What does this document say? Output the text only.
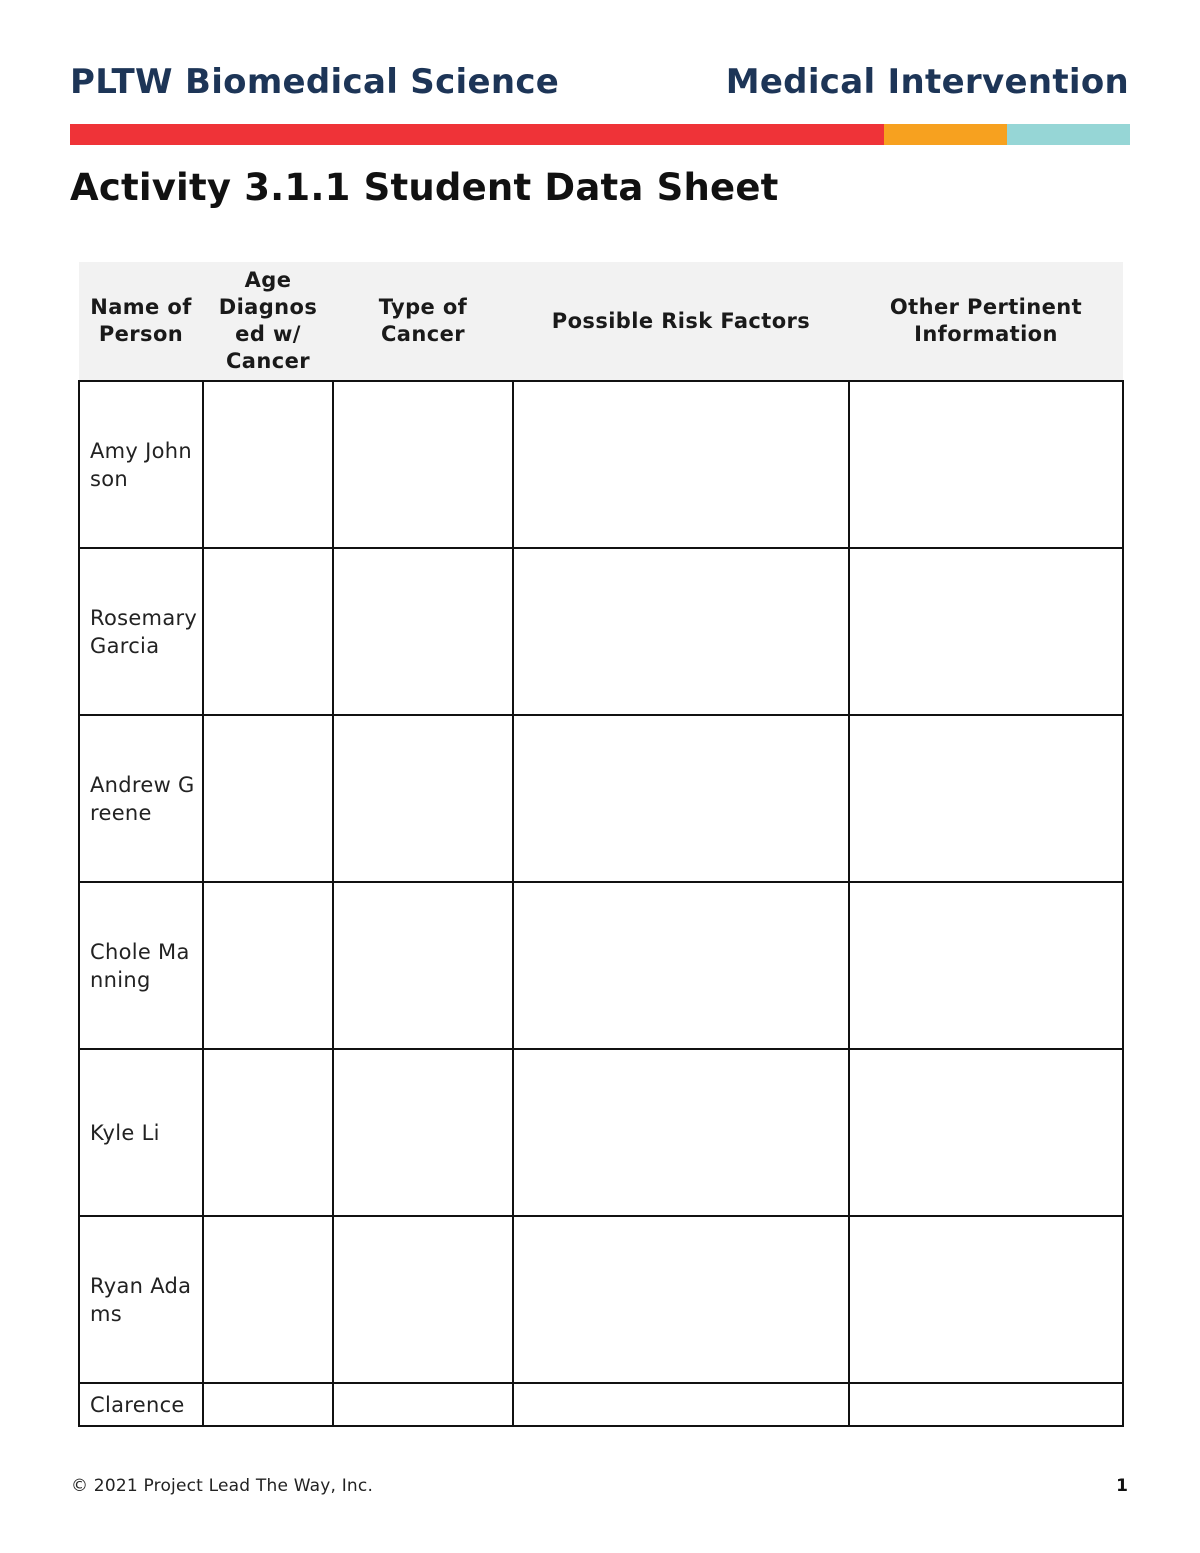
PLTW Biomedical Science	Medical Intervention
Activity 3.1.1 Student Data Sheet
Name of Person	Age Diagnos ed w/ Cancer	Type of Cancer	Possible Risk Factors	Other Pertinent Information
Amy Johnson				
Rosemary Garcia				
Andrew Greene				
Chole Manning				
Kyle Li				
Ryan Adams				
Clarence				
© 2021 Project Lead The Way, Inc.	1
